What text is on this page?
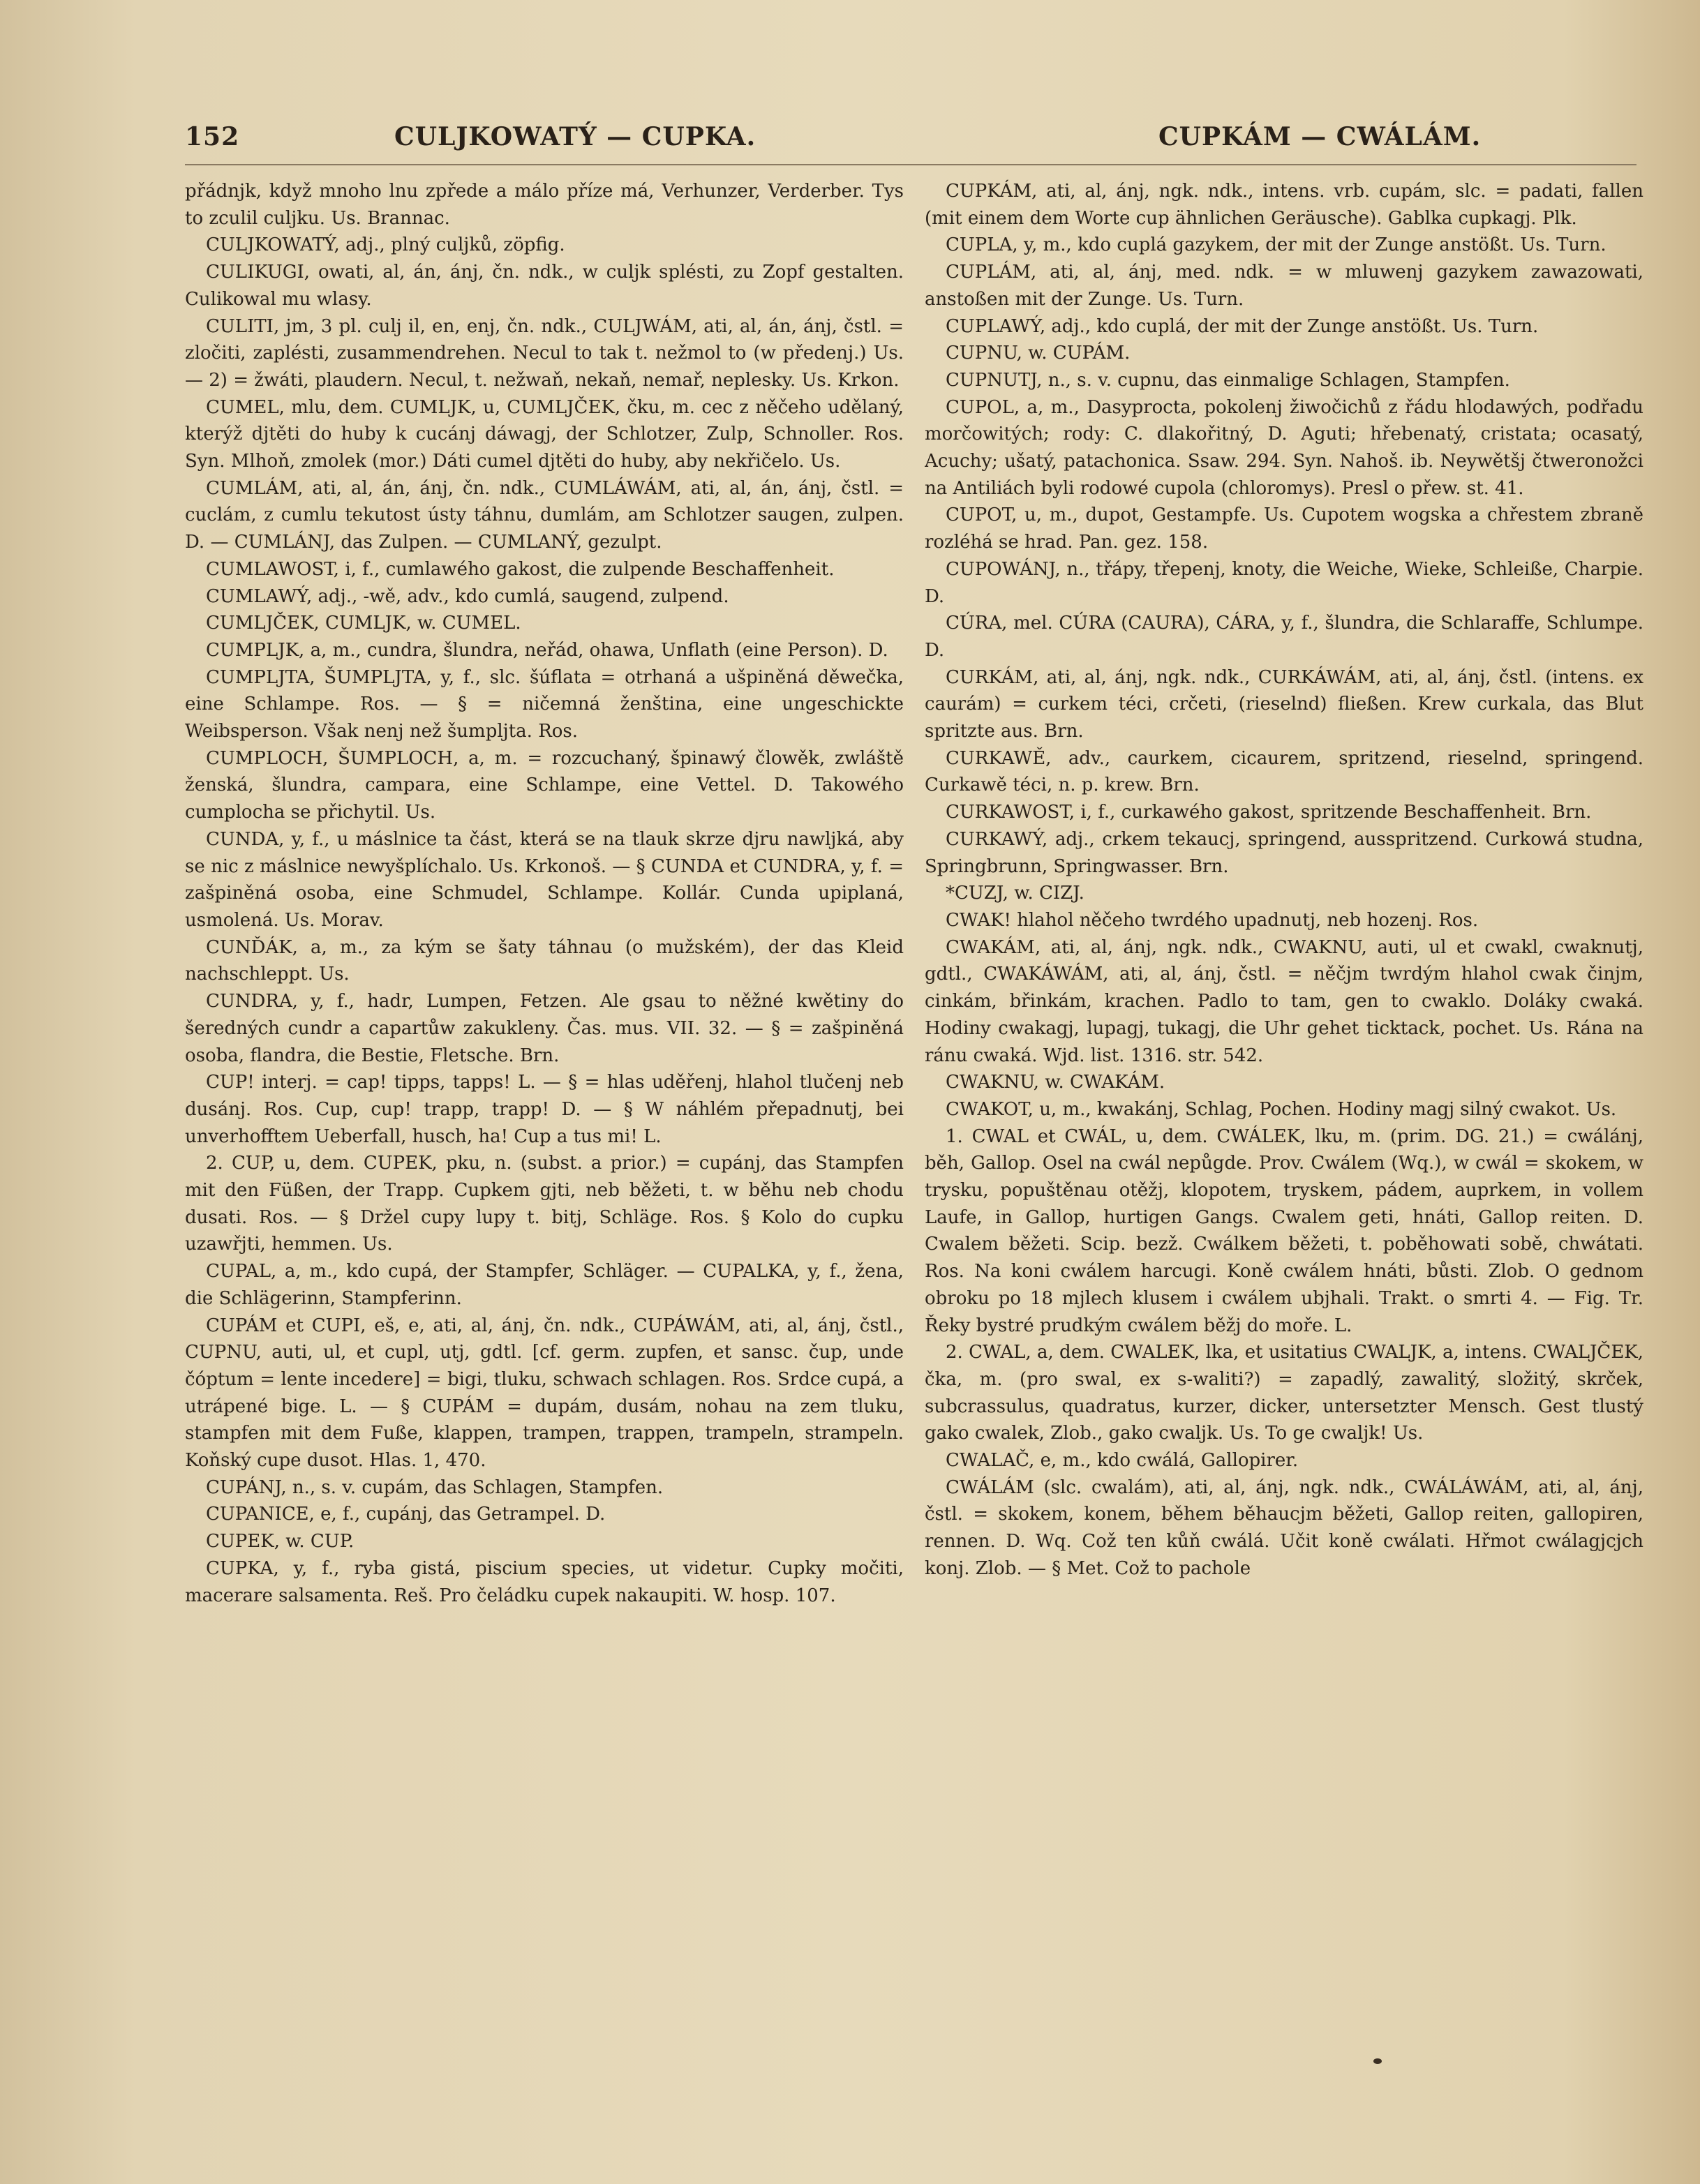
152	CULJKOWATÝ — CUPKA.	CUPKÁM — CWÁLÁM.

přádnjk, když mnoho lnu zpřede a málo příze má, Verhunzer, Verderber. Tys to zculil culjku. Us. Brannac.

CULJKOWATÝ, adj., plný culjků, zöpfig.

CULIKUGI, owati, al, án, ánj, čn. ndk., w culjk splésti, zu Zopf gestalten. Culikowal mu wlasy.

CULITI, jm, 3 pl. culj il, en, enj, čn. ndk., CULJWÁM, ati, al, án, ánj, čstl. = zločiti, zaplésti, zusammendrehen. Necul to tak t. nežmol to (w předenj.) Us. — 2) = žwáti, plaudern. Necul, t. nežwaň, nekaň, nemař, neplesky. Us. Krkon.

CUMEL, mlu, dem. CUMLJK, u, CUMLJČEK, čku, m. cec z něčeho udělaný, kterýž djtěti do huby k cucánj dáwagj, der Schlotzer, Zulp, Schnoller. Ros. Syn. Mlhoň, zmolek (mor.) Dáti cumel djtěti do huby, aby nekřičelo. Us.

CUMLÁM, ati, al, án, ánj, čn. ndk., CUMLÁWÁM, ati, al, án, ánj, čstl. = cuclám, z cumlu tekutost ústy táhnu, dumlám, am Schlotzer saugen, zulpen. D. — CUMLÁNJ, das Zulpen. — CUMLANÝ, gezulpt.

CUMLAWOST, i, f., cumlawého gakost, die zulpende Beschaffenheit.

CUMLAWÝ, adj., -wě, adv., kdo cumlá, saugend, zulpend.

CUMLJČEK, CUMLJK, w. CUMEL.

CUMPLJK, a, m., cundra, šlundra, neřád, ohawa, Unflath (eine Person). D.

CUMPLJTA, ŠUMPLJTA, y, f., slc. šúflata = otrhaná a ušpiněná děwečka, eine Schlampe. Ros. — § = ničemná ženština, eine ungeschickte Weibsperson. Však nenj než šumpljta. Ros.

CUMPLOCH, ŠUMPLOCH, a, m. = rozcuchaný, špinawý člowěk, zwláště ženská, šlundra, campara, eine Schlampe, eine Vettel. D. Takowého cumplocha se přichytil. Us.

CUNDA, y, f., u máslnice ta část, která se na tlauk skrze djru nawljká, aby se nic z máslnice newyšplíchalo. Us. Krkonoš. — § CUNDA et CUNDRA, y, f. = zašpiněná osoba, eine Schmudel, Schlampe. Kollár. Cunda upiplaná, usmolená. Us. Morav.

CUNĎÁK, a, m., za kým se šaty táhnau (o mužském), der das Kleid nachschleppt. Us.

CUNDRA, y, f., hadr, Lumpen, Fetzen. Ale gsau to něžné kwětiny do šeredných cundr a capartůw zakukleny. Čas. mus. VII. 32. — § = zašpiněná osoba, flandra, die Bestie, Fletsche. Brn.

CUP! interj. = cap! tipps, tapps! L. — § = hlas uděřenj, hlahol tlučenj neb dusánj. Ros. Cup, cup! trapp, trapp! D. — § W náhlém přepadnutj, bei unverhofftem Ueberfall, husch, ha! Cup a tus mi! L.

2. CUP, u, dem. CUPEK, pku, n. (subst. a prior.) = cupánj, das Stampfen mit den Füßen, der Trapp. Cupkem gjti, neb běžeti, t. w běhu neb chodu dusati. Ros. — § Držel cupy lupy t. bitj, Schläge. Ros. § Kolo do cupku uzawřjti, hemmen. Us.

CUPAL, a, m., kdo cupá, der Stampfer, Schläger. — CUPALKA, y, f., žena, die Schlägerinn, Stampferinn.

CUPÁM et CUPI, eš, e, ati, al, ánj, čn. ndk., CUPÁWÁM, ati, al, ánj, čstl., CUPNU, auti, ul, et cupl, utj, gdtl. [cf. germ. zupfen, et sansc. čup, unde čóptum = lente incedere] = bigi, tluku, schwach schlagen. Ros. Srdce cupá, a utrápené bige. L. — § CUPÁM = dupám, dusám, nohau na zem tluku, stampfen mit dem Fuße, klappen, trampen, trappen, trampeln, strampeln. Koňský cupe dusot. Hlas. 1, 470.

CUPÁNJ, n., s. v. cupám, das Schlagen, Stampfen.

CUPANICE, e, f., cupánj, das Getrampel. D.

CUPEK, w. CUP.

CUPKA, y, f., ryba gistá, piscium species, ut videtur. Cupky močiti, macerare salsamenta. Reš. Pro čeládku cupek nakaupiti. W. hosp. 107.

CUPKÁM, ati, al, ánj, ngk. ndk., intens. vrb. cupám, slc. = padati, fallen (mit einem dem Worte cup ähnlichen Geräusche). Gablka cupkagj. Plk.

CUPLA, y, m., kdo cuplá gazykem, der mit der Zunge anstößt. Us. Turn.

CUPLÁM, ati, al, ánj, med. ndk. = w mluwenj gazykem zawazowati, anstoßen mit der Zunge. Us. Turn.

CUPLAWÝ, adj., kdo cuplá, der mit der Zunge anstößt. Us. Turn.

CUPNU, w. CUPÁM.

CUPNUTJ, n., s. v. cupnu, das einmalige Schlagen, Stampfen.

CUPOL, a, m., Dasyprocta, pokolenj žiwočichů z řádu hlodawých, podřadu morčowitých; rody: C. dlakořitný, D. Aguti; hřebenatý, cristata; ocasatý, Acuchy; ušatý, patachonica. Ssaw. 294. Syn. Nahoš. ib. Neywětšj čtweronožci na Antiliách byli rodowé cupola (chloromys). Presl o přew. st. 41.

CUPOT, u, m., dupot, Gestampfe. Us. Cupotem wogska a chřestem zbraně rozléhá se hrad. Pan. gez. 158.

CUPOWÁNJ, n., třápy, třepenj, knoty, die Weiche, Wieke, Schleiße, Charpie. D.

CÚRA, mel. CÚRA (CAURA), CÁRA, y, f., šlundra, die Schlaraffe, Schlumpe. D.

CURKÁM, ati, al, ánj, ngk. ndk., CURKÁWÁM, ati, al, ánj, čstl. (intens. ex caurám) = curkem téci, crčeti, (rieselnd) fließen. Krew curkala, das Blut spritzte aus. Brn.

CURKAWĚ, adv., caurkem, cicaurem, spritzend, rieselnd, springend. Curkawě téci, n. p. krew. Brn.

CURKAWOST, i, f., curkawého gakost, spritzende Beschaffenheit. Brn.

CURKAWÝ, adj., crkem tekaucj, springend, ausspritzend. Curkowá studna, Springbrunn, Springwasser. Brn.

*CUZJ, w. CIZJ.

CWAK! hlahol něčeho twrdého upadnutj, neb hozenj. Ros.

CWAKÁM, ati, al, ánj, ngk. ndk., CWAKNU, auti, ul et cwakl, cwaknutj, gdtl., CWAKÁWÁM, ati, al, ánj, čstl. = něčjm twrdým hlahol cwak činjm, cinkám, břinkám, krachen. Padlo to tam, gen to cwaklo. Doláky cwaká. Hodiny cwakagj, lupagj, tukagj, die Uhr gehet ticktack, pochet. Us. Rána na ránu cwaká. Wjd. list. 1316. str. 542.

CWAKNU, w. CWAKÁM.

CWAKOT, u, m., kwakánj, Schlag, Pochen. Hodiny magj silný cwakot. Us.

1. CWAL et CWÁL, u, dem. CWÁLEK, lku, m. (prim. DG. 21.) = cwálánj, běh, Gallop. Osel na cwál nepůgde. Prov. Cwálem (Wq.), w cwál = skokem, w trysku, popuštěnau otěžj, klopotem, tryskem, pádem, auprkem, in vollem Laufe, in Gallop, hurtigen Gangs. Cwalem geti, hnáti, Gallop reiten. D. Cwalem běžeti. Scip. bezž. Cwálkem běžeti, t. poběhowati sobě, chwátati. Ros. Na koni cwálem harcugi. Koně cwálem hnáti, bůsti. Zlob. O gednom obroku po 18 mjlech klusem i cwálem ubjhali. Trakt. o smrti 4. — Fig. Tr. Řeky bystré prudkým cwálem běžj do moře. L.

2. CWAL, a, dem. CWALEK, lka, et usitatius CWALJK, a, intens. CWALJČEK, čka, m. (pro swal, ex s-waliti?) = zapadlý, zawalitý, složitý, skrček, subcrassulus, quadratus, kurzer, dicker, untersetzter Mensch. Gest tlustý gako cwalek, Zlob., gako cwaljk. Us. To ge cwaljk! Us.

CWALAČ, e, m., kdo cwálá, Gallopirer.

CWÁLÁM (slc. cwalám), ati, al, ánj, ngk. ndk., CWÁLÁWÁM, ati, al, ánj, čstl. = skokem, konem, během běhaucjm běžeti, Gallop reiten, gallopiren, rennen. D. Wq. Což ten kůň cwálá. Učit koně cwálati. Hřmot cwálagjcjch konj. Zlob. — § Met. Což to pachole
